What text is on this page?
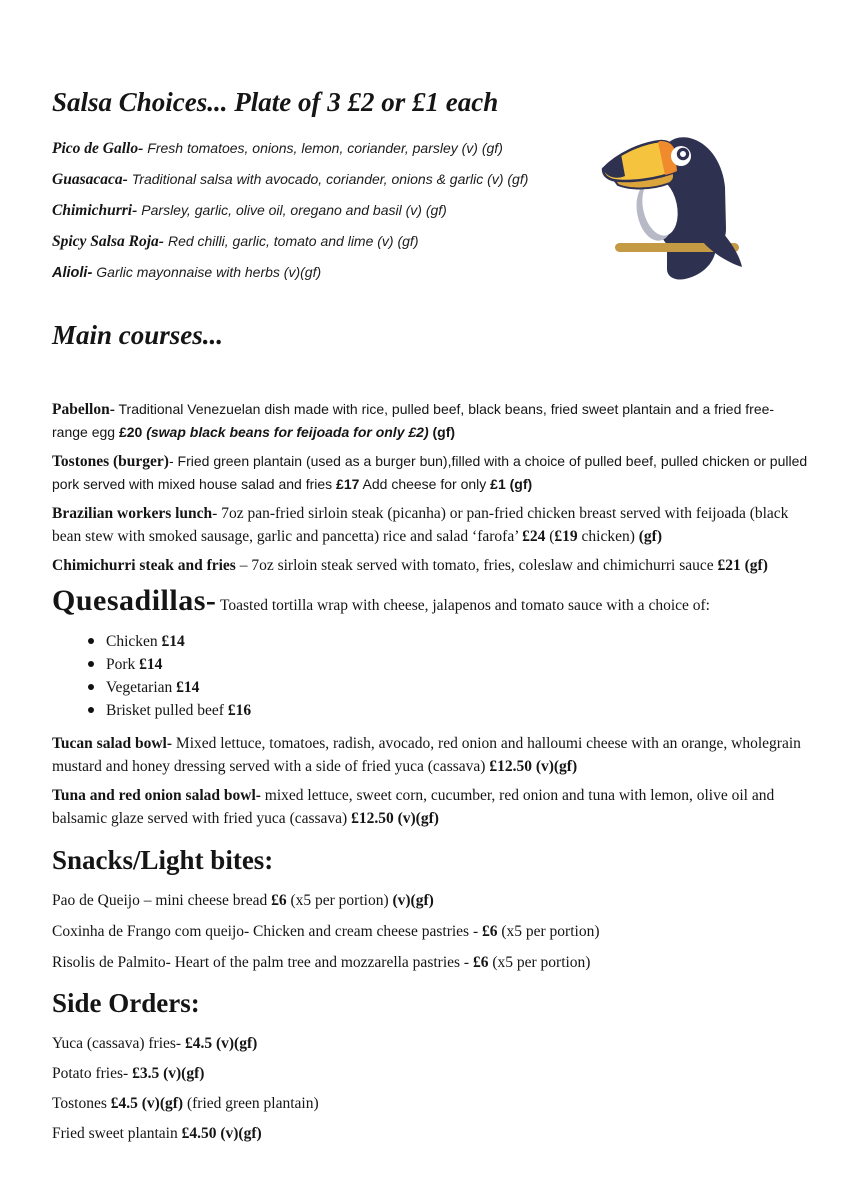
Salsa Choices... Plate of 3 £2 or £1 each

Pico de Gallo- Fresh tomatoes, onions, lemon, coriander, parsley (v) (gf)

Guasacaca- Traditional salsa with avocado, coriander, onions & garlic (v) (gf)

Chimichurri- Parsley, garlic, olive oil, oregano and basil (v) (gf)

Spicy Salsa Roja- Red chilli, garlic, tomato and lime (v) (gf)

Alioli- Garlic mayonnaise with herbs (v)(gf)

Main courses...

Pabellon- Traditional Venezuelan dish made with rice, pulled beef, black beans, fried sweet plantain and a fried free-range egg £20 (swap black beans for feijoada for only £2) (gf)

Tostones (burger)- Fried green plantain (used as a burger bun),filled with a choice of pulled beef, pulled chicken or pulled pork served with mixed house salad and fries £17 Add cheese for only £1 (gf)

Brazilian workers lunch- 7oz pan-fried sirloin steak (picanha) or pan-fried chicken breast served with feijoada (black bean stew with smoked sausage, garlic and pancetta) rice and salad ‘farofa’ £24 (£19 chicken) (gf)

Chimichurri steak and fries – 7oz sirloin steak served with tomato, fries, coleslaw and chimichurri sauce £21 (gf)

Quesadillas- Toasted tortilla wrap with cheese, jalapenos and tomato sauce with a choice of:

Chicken £14
Pork £14
Vegetarian £14
Brisket pulled beef £16

Tucan salad bowl- Mixed lettuce, tomatoes, radish, avocado, red onion and halloumi cheese with an orange, wholegrain mustard and honey dressing served with a side of fried yuca (cassava) £12.50 (v)(gf)

Tuna and red onion salad bowl- mixed lettuce, sweet corn, cucumber, red onion and tuna with lemon, olive oil and balsamic glaze served with fried yuca (cassava) £12.50 (v)(gf)

Snacks/Light bites:

Pao de Queijo – mini cheese bread £6 (x5 per portion) (v)(gf)

Coxinha de Frango com queijo- Chicken and cream cheese pastries - £6 (x5 per portion)

Risolis de Palmito- Heart of the palm tree and mozzarella pastries - £6 (x5 per portion)

Side Orders:

Yuca (cassava) fries- £4.5 (v)(gf)

Potato fries- £3.5 (v)(gf)

Tostones £4.5 (v)(gf) (fried green plantain)

Fried sweet plantain £4.50 (v)(gf)
